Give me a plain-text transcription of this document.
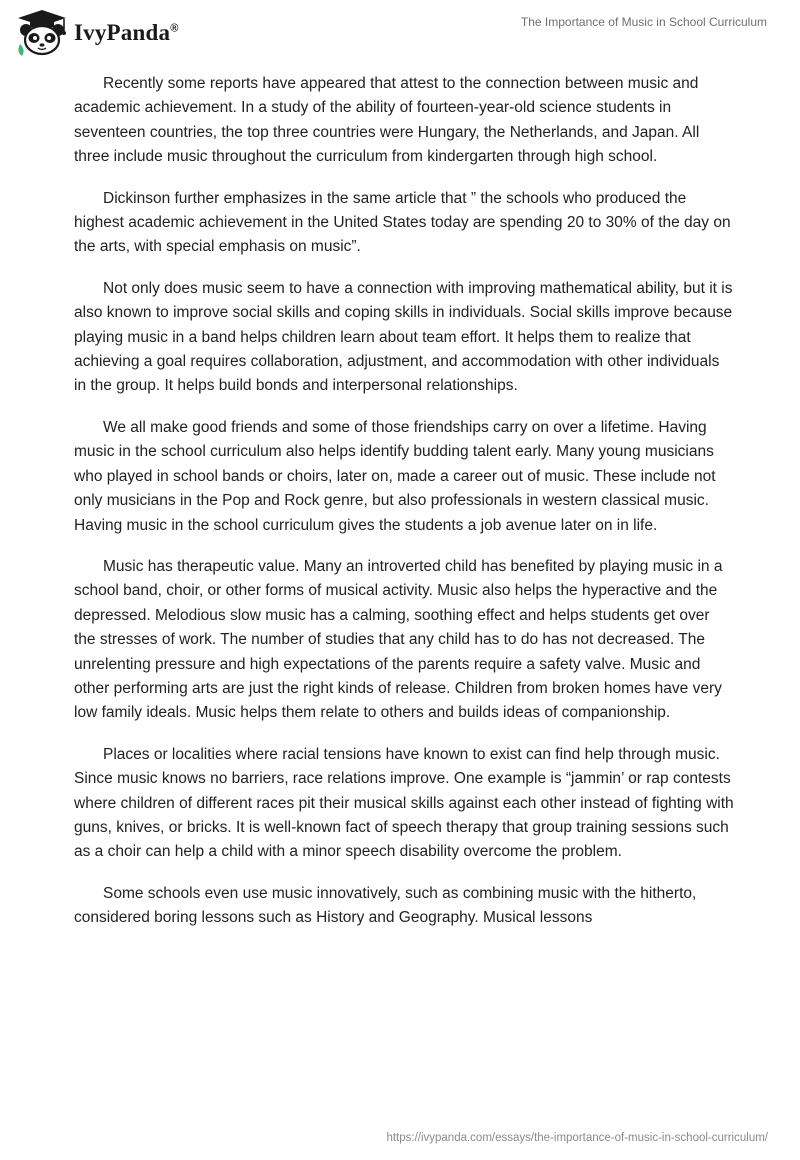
IvyPanda®	The Importance of Music in School Curriculum

Recently some reports have appeared that attest to the connection between music and academic achievement. In a study of the ability of fourteen-year-old science students in seventeen countries, the top three countries were Hungary, the Netherlands, and Japan. All three include music throughout the curriculum from kindergarten through high school.

Dickinson further emphasizes in the same article that ” the schools who produced the highest academic achievement in the United States today are spending 20 to 30% of the day on the arts, with special emphasis on music”.

Not only does music seem to have a connection with improving mathematical ability, but it is also known to improve social skills and coping skills in individuals. Social skills improve because playing music in a band helps children learn about team effort. It helps them to realize that achieving a goal requires collaboration, adjustment, and accommodation with other individuals in the group. It helps build bonds and interpersonal relationships.

We all make good friends and some of those friendships carry on over a lifetime. Having music in the school curriculum also helps identify budding talent early. Many young musicians who played in school bands or choirs, later on, made a career out of music. These include not only musicians in the Pop and Rock genre, but also professionals in western classical music. Having music in the school curriculum gives the students a job avenue later on in life.

Music has therapeutic value. Many an introverted child has benefited by playing music in a school band, choir, or other forms of musical activity. Music also helps the hyperactive and the depressed. Melodious slow music has a calming, soothing effect and helps students get over the stresses of work. The number of studies that any child has to do has not decreased. The unrelenting pressure and high expectations of the parents require a safety valve. Music and other performing arts are just the right kinds of release. Children from broken homes have very low family ideals. Music helps them relate to others and builds ideas of companionship.

Places or localities where racial tensions have known to exist can find help through music. Since music knows no barriers, race relations improve. One example is “jammin’ or rap contests where children of different races pit their musical skills against each other instead of fighting with guns, knives, or bricks. It is well-known fact of speech therapy that group training sessions such as a choir can help a child with a minor speech disability overcome the problem.

Some schools even use music innovatively, such as combining music with the hitherto, considered boring lessons such as History and Geography. Musical lessons

https://ivypanda.com/essays/the-importance-of-music-in-school-curriculum/
